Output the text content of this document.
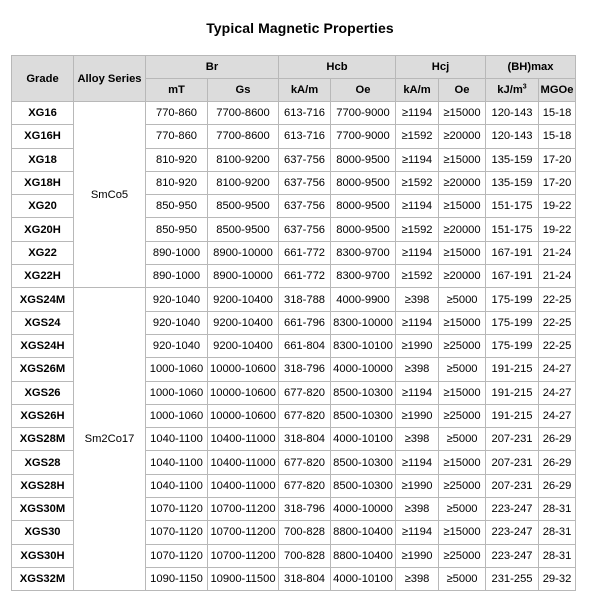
Typical Magnetic Properties
Grade	Alloy Series	Br		Hcb		Hcj		(BH)max	
		mT	Gs	kA/m	Oe	kA/m	Oe	$kJ/m^3$	MGOe
XG16	SmCo5	770-860	7700-8600	613-716	7700-9000	≥1194	≥15000	120-143	15-18
XG16H		770-860	7700-8600	613-716	7700-9000	≥1592	≥20000	120-143	15-18
XG18		810-920	8100-9200	637-756	8000-9500	≥1194	≥15000	135-159	17-20
XG18H		810-920	8100-9200	637-756	8000-9500	≥1592	≥20000	135-159	17-20
XG20		850-950	8500-9500	637-756	8000-9500	≥1194	≥15000	151-175	19-22
XG20H		850-950	8500-9500	637-756	8000-9500	≥1592	≥20000	151-175	19-22
XG22		890-1000	8900-10000	661-772	8300-9700	≥1194	≥15000	167-191	21-24
XG22H		890-1000	8900-10000	661-772	8300-9700	≥1592	≥20000	167-191	21-24
XGS24M	Sm2Co17	920-1040	9200-10400	318-788	4000-9900	≥398	≥5000	175-199	22-25
XGS24		920-1040	9200-10400	661-796	8300-10000	≥1194	≥15000	175-199	22-25
XGS24H		920-1040	9200-10400	661-804	8300-10100	≥1990	≥25000	175-199	22-25
XGS26M		1000-1060	10000-10600	318-796	4000-10000	≥398	≥5000	191-215	24-27
XGS26		1000-1060	10000-10600	677-820	8500-10300	≥1194	≥15000	191-215	24-27
XGS26H		1000-1060	10000-10600	677-820	8500-10300	≥1990	≥25000	191-215	24-27
XGS28M		1040-1100	10400-11000	318-804	4000-10100	≥398	≥5000	207-231	26-29
XGS28		1040-1100	10400-11000	677-820	8500-10300	≥1194	≥15000	207-231	26-29
XGS28H		1040-1100	10400-11000	677-820	8500-10300	≥1990	≥25000	207-231	26-29
XGS30M		1070-1120	10700-11200	318-796	4000-10000	≥398	≥5000	223-247	28-31
XGS30		1070-1120	10700-11200	700-828	8800-10400	≥1194	≥15000	223-247	28-31
XGS30H		1070-1120	10700-11200	700-828	8800-10400	≥1990	≥25000	223-247	28-31
XGS32M		1090-1150	10900-11500	318-804	4000-10100	≥398	≥5000	231-255	29-32
